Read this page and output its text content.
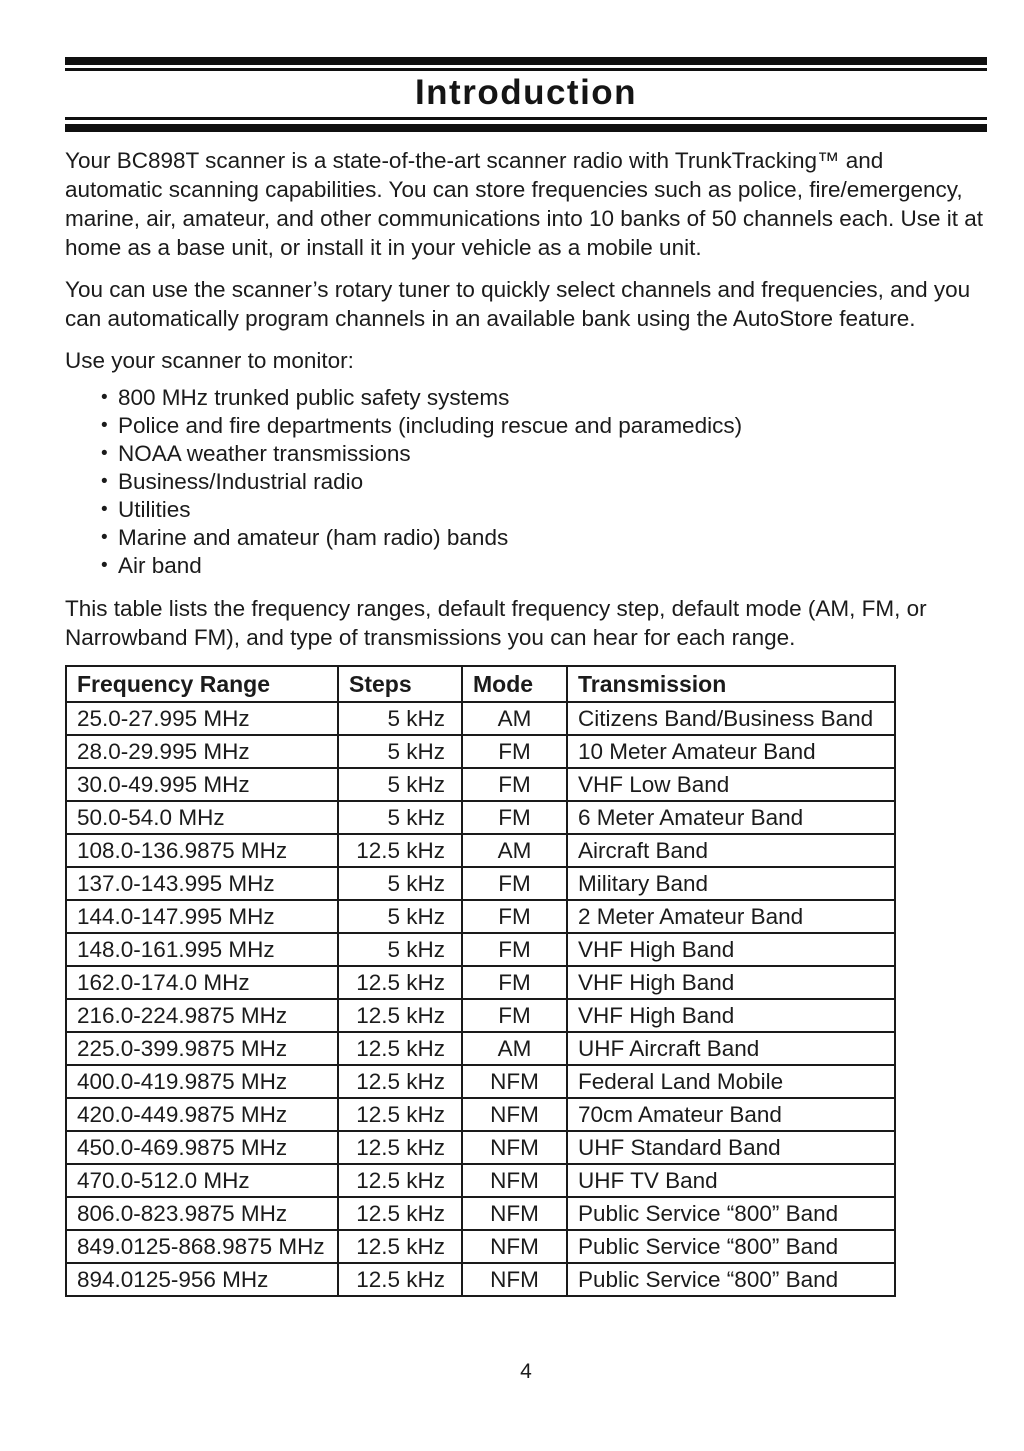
Introduction

Your BC898T scanner is a state-of-the-art scanner radio with TrunkTracking™ and automatic scanning capabilities. You can store frequencies such as police, fire/emergency, marine, air, amateur, and other communications into 10 banks of 50 channels each. Use it at home as a base unit, or install it in your vehicle as a mobile unit.

You can use the scanner’s rotary tuner to quickly select channels and frequencies, and you can automatically program channels in an available bank using the AutoStore feature.

Use your scanner to monitor:

• 800 MHz trunked public safety systems
• Police and fire departments (including rescue and paramedics)
• NOAA weather transmissions
• Business/Industrial radio
• Utilities
• Marine and amateur (ham radio) bands
• Air band

This table lists the frequency ranges, default frequency step, default mode (AM, FM, or Narrowband FM), and type of transmissions you can hear for each range.

Frequency Range	Steps	Mode	Transmission
25.0-27.995 MHz	5 kHz	AM	Citizens Band/Business Band
28.0-29.995 MHz	5 kHz	FM	10 Meter Amateur Band
30.0-49.995 MHz	5 kHz	FM	VHF Low Band
50.0-54.0 MHz	5 kHz	FM	6 Meter Amateur Band
108.0-136.9875 MHz	12.5 kHz	AM	Aircraft Band
137.0-143.995 MHz	5 kHz	FM	Military Band
144.0-147.995 MHz	5 kHz	FM	2 Meter Amateur Band
148.0-161.995 MHz	5 kHz	FM	VHF High Band
162.0-174.0 MHz	12.5 kHz	FM	VHF High Band
216.0-224.9875 MHz	12.5 kHz	FM	VHF High Band
225.0-399.9875 MHz	12.5 kHz	AM	UHF Aircraft Band
400.0-419.9875 MHz	12.5 kHz	NFM	Federal Land Mobile
420.0-449.9875 MHz	12.5 kHz	NFM	70cm Amateur Band
450.0-469.9875 MHz	12.5 kHz	NFM	UHF Standard Band
470.0-512.0 MHz	12.5 kHz	NFM	UHF TV Band
806.0-823.9875 MHz	12.5 kHz	NFM	Public Service “800” Band
849.0125-868.9875 MHz	12.5 kHz	NFM	Public Service “800” Band
894.0125-956 MHz	12.5 kHz	NFM	Public Service “800” Band
4
